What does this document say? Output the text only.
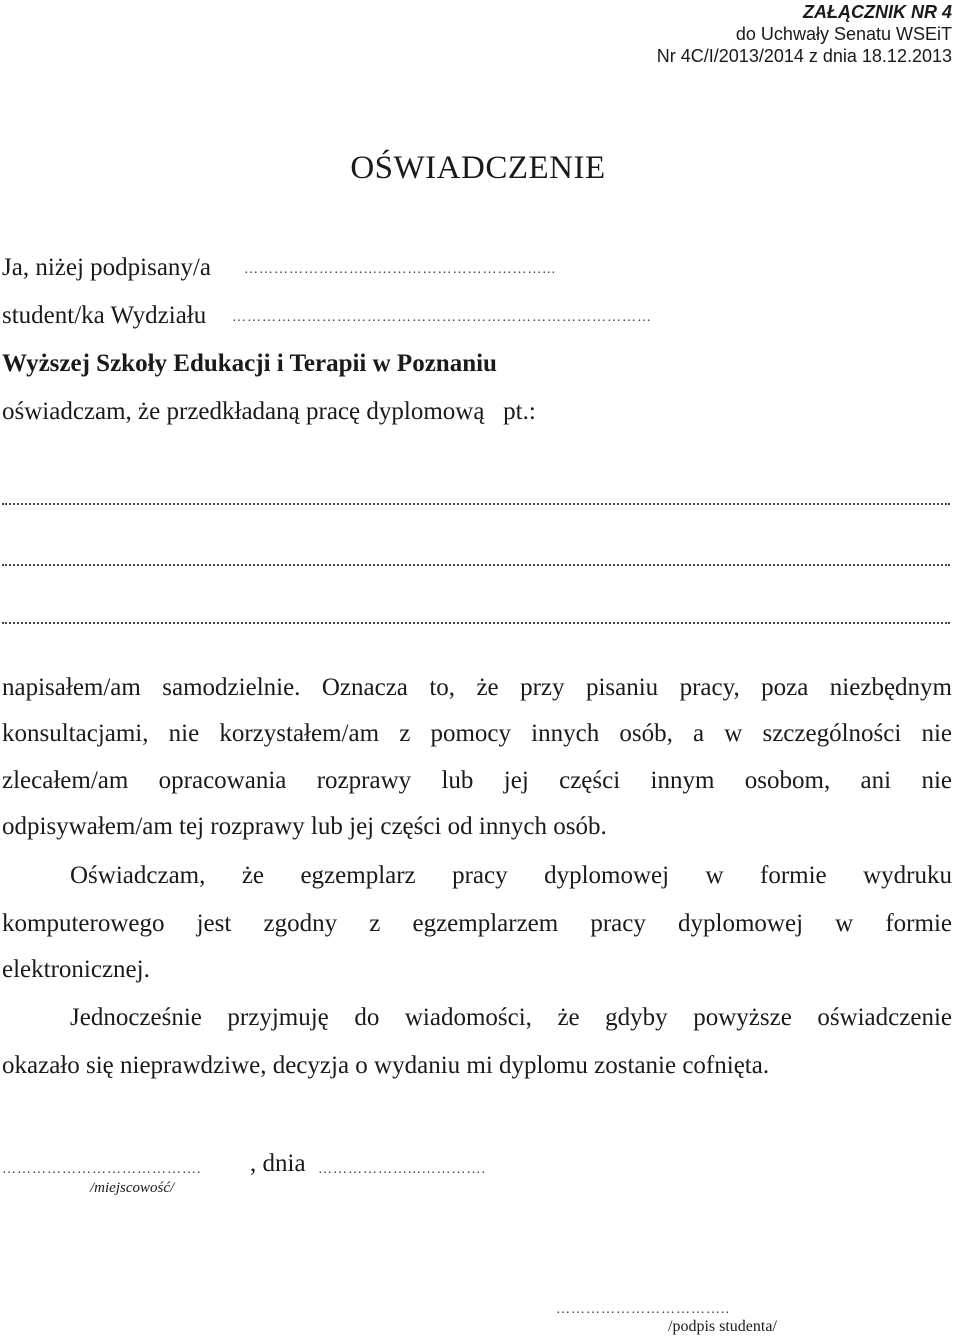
ZAŁĄCZNIK NR 4
do Uchwały Senatu WSEiT
Nr 4C/I/2013/2014 z dnia 18.12.2013
OŚWIADCZENIE
Ja, niżej podpisany/a ……………………...……………………………...
student/ka Wydziału …………………………………………………………………………
Wyższej Szkoły Edukacji i Terapii w Poznaniu
oświadczam, że przedkładaną pracę dyplomową   pt.:
napisałem/am samodzielnie. Oznacza to, że przy pisaniu pracy, poza niezbędnym
konsultacjami, nie korzystałem/am z pomocy innych osób, a w szczególności nie
zlecałem/am opracowania rozprawy lub jej części innym osobom, ani nie
odpisywałem/am tej rozprawy lub jej części od innych osób.
Oświadczam, że egzemplarz pracy dyplomowej w formie wydruku
komputerowego jest zgodny z egzemplarzem pracy dyplomowej w formie
elektronicznej.
Jednocześnie przyjmuję do wiadomości, że gdyby powyższe oświadczenie
okazało się nieprawdziwe, decyzja o wydaniu mi dyplomu zostanie cofnięta.
…………………………………. , dnia ………………...………….
/miejscowość/
……………………………..
/podpis studenta/
